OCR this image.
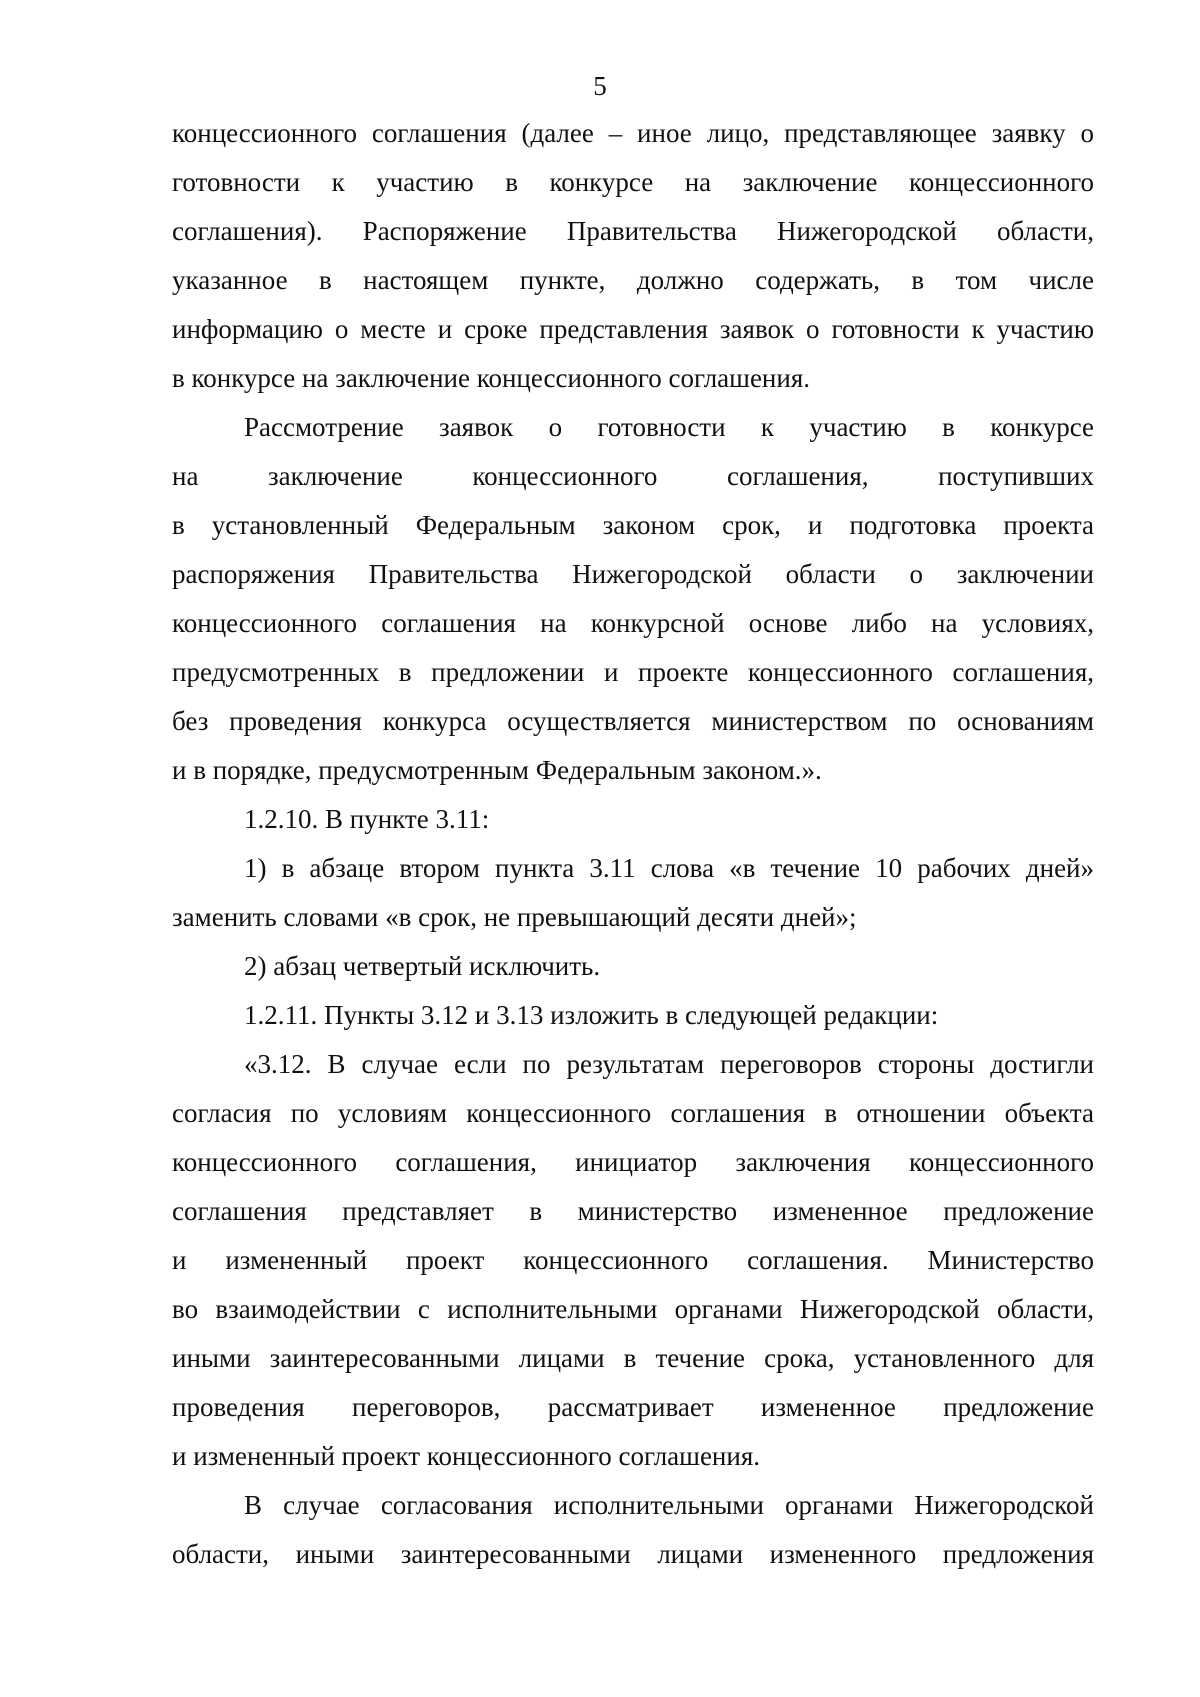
5
концессионного соглашения (далее – иное лицо, представляющее заявку о
готовности к участию в конкурсе на заключение концессионного
соглашения). Распоряжение Правительства Нижегородской области,
указанное в настоящем пункте, должно содержать, в том числе
информацию о месте и сроке представления заявок о готовности к участию
в конкурсе на заключение концессионного соглашения.
Рассмотрение заявок о готовности к участию в конкурсе
на заключение концессионного соглашения, поступивших
в установленный Федеральным законом срок, и подготовка проекта
распоряжения Правительства Нижегородской области о заключении
концессионного соглашения на конкурсной основе либо на условиях,
предусмотренных в предложении и проекте концессионного соглашения,
без проведения конкурса осуществляется министерством по основаниям
и в порядке, предусмотренным Федеральным законом.».
1.2.10. В пункте 3.11:
1) в абзаце втором пункта 3.11 слова «в течение 10 рабочих дней»
заменить словами «в срок, не превышающий десяти дней»;
2) абзац четвертый исключить.
1.2.11. Пункты 3.12 и 3.13 изложить в следующей редакции:
«3.12. В случае если по результатам переговоров стороны достигли
согласия по условиям концессионного соглашения в отношении объекта
концессионного соглашения, инициатор заключения концессионного
соглашения представляет в министерство измененное предложение
и измененный проект концессионного соглашения. Министерство
во взаимодействии с исполнительными органами Нижегородской области,
иными заинтересованными лицами в течение срока, установленного для
проведения переговоров, рассматривает измененное предложение
и измененный проект концессионного соглашения.
В случае согласования исполнительными органами Нижегородской
области, иными заинтересованными лицами измененного предложения
